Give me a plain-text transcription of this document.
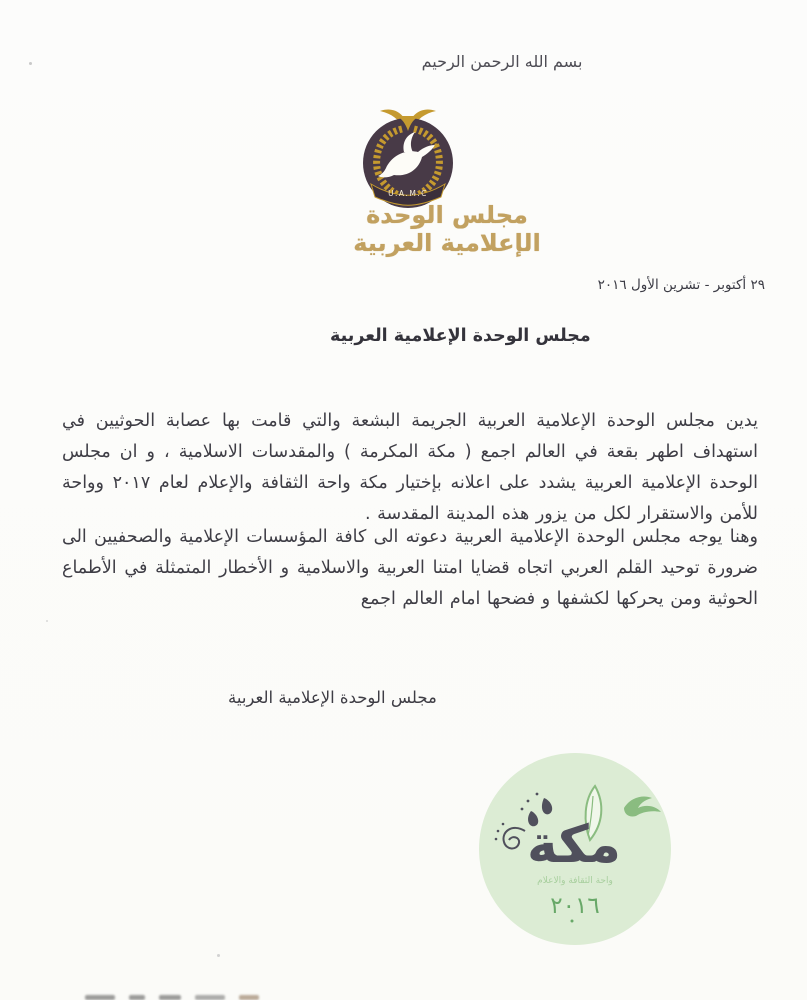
بسم الله الرحمن الرحيم
U.A.M.C
مجلس الوحدة الإعلامية العربية
٢٩ أكتوبر - تشرين الأول ٢٠١٦
مجلس الوحدة الإعلامية العربية
يدين مجلس الوحدة الإعلامية العربية الجريمة البشعة والتي قامت بها عصابة الحوثيين في استهداف اطهر بقعة في العالم اجمع ( مكة المكرمة ) والمقدسات الاسلامية ، و ان مجلس الوحدة الإعلامية العربية يشدد على اعلانه بإختيار مكة واحة الثقافة والإعلام لعام ٢٠١٧ وواحة للأمن والاستقرار لكل من يزور هذه المدينة المقدسة .
وهنا يوجه مجلس الوحدة الإعلامية العربية دعوته الى كافة المؤسسات الإعلامية والصحفيين الى ضرورة توحيد القلم العربي اتجاه قضايا امتنا العربية والاسلامية و الأخطار المتمثلة في الأطماع الحوثية ومن يحركها لكشفها و فضحها امام العالم اجمع
مجلس الوحدة الإعلامية العربية
مكة
واحة الثقافة والاعلام
٢٠١٦
